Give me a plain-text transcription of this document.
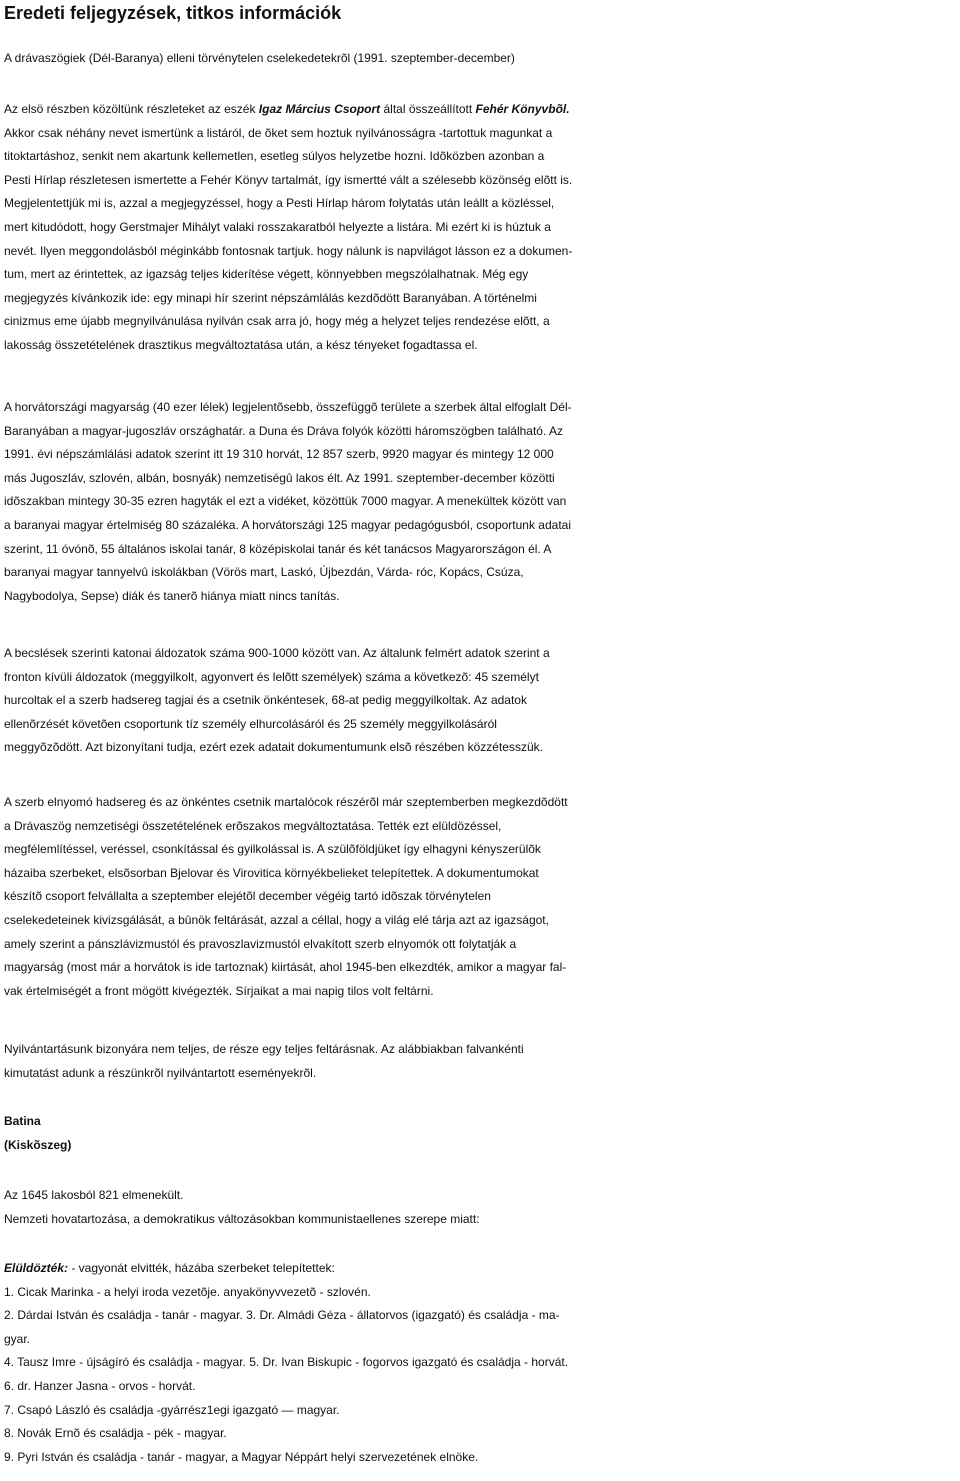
Eredeti feljegyzések, titkos információk

A drávaszögiek (Dél-Baranya) elleni törvénytelen cselekedetekrõl (1991. szeptember-december)

Az elsö részben közöltünk részleteket az eszék Igaz Március Csoport által összeállított Fehér Könyvbõl.
Akkor csak néhány nevet ismertünk a listáról, de õket sem hoztuk nyilvánosságra -tartottuk magunkat a
titoktartáshoz, senkit nem akartunk kellemetlen, esetleg súlyos helyzetbe hozni. Idõközben azonban a
Pesti Hírlap részletesen ismertette a Fehér Könyv tartalmát, így ismertté vált a szélesebb közönség elõtt is.
Megjelentettjük mi is, azzal a megjegyzéssel, hogy a Pesti Hírlap három folytatás után leállt a közléssel,
mert kitudódott, hogy Gerstmajer Mihályt valaki rosszakaratból helyezte a listára. Mi ezért ki is húztuk a
nevét. Ilyen meggondolásból méginkább fontosnak tartjuk. hogy nálunk is napvilágot lásson ez a dokumen-
tum, mert az érintettek, az igazság teljes kiderítése végett, könnyebben megszólalhatnak. Még egy
megjegyzés kívánkozik ide: egy minapi hír szerint népszámlálás kezdõdött Baranyában. A történelmi
cinizmus eme újabb megnyilvánulása nyilván csak arra jó, hogy még a helyzet teljes rendezése elõtt, a
lakosság összetételének drasztikus megváltoztatása után, a kész tényeket fogadtassa el.

A horvátországi magyarság (40 ezer lélek) legjelentõsebb, összefüggõ területe a szerbek által elfoglalt Dél-
Baranyában a magyar-jugoszláv országhatár. a Duna és Dráva folyók közötti háromszögben található. Az
1991. évi népszámlálási adatok szerint itt 19 310 horvát, 12 857 szerb, 9920 magyar és mintegy 12 000
más Jugoszláv, szlovén, albán, bosnyák) nemzetiségû lakos élt. Az 1991. szeptember-december közötti
idõszakban mintegy 30-35 ezren hagyták el ezt a vidéket, közöttük 7000 magyar. A menekültek között van
a baranyai magyar értelmiség 80 százaléka. A horvátországi 125 magyar pedagógusból, csoportunk adatai
szerint, 11 óvónõ, 55 általános iskolai tanár, 8 középiskolai tanár és két tanácsos Magyarországon él. A
baranyai magyar tannyelvû iskolákban (Vörös mart, Laskó, Újbezdán, Várda- róc, Kopács, Csúza,
Nagybodolya, Sepse) diák és tanerõ hiánya miatt nincs tanítás.

A becslések szerinti katonai áldozatok száma 900-1000 között van. Az általunk felmért adatok szerint a
fronton kívüli áldozatok (meggyilkolt, agyonvert és lelõtt személyek) száma a következõ: 45 személyt
hurcoltak el a szerb hadsereg tagjai és a csetnik önkéntesek, 68-at pedig meggyilkoltak. Az adatok
ellenõrzését követõen csoportunk tíz személy elhurcolásáról és 25 személy meggyilkolásáról
meggyõzõdött. Azt bizonyítani tudja, ezért ezek adatait dokumentumunk elsõ részében közzétesszük.

A szerb elnyomó hadsereg és az önkéntes csetnik martalócok részérõl már szeptemberben megkezdõdött
a Drávaszög nemzetiségi összetételének erõszakos megváltoztatása. Tették ezt elüldözéssel,
megfélemlítéssel, veréssel, csonkítással és gyilkolással is. A szülõföldjüket így elhagyni kényszerülõk
házaiba szerbeket, elsõsorban Bjelovar és Virovitica környékbelieket telepítettek. A dokumentumokat
készítõ csoport felvállalta a szeptember elejétõl december végéig tartó idõszak törvénytelen
cselekedeteinek kivizsgálását, a bûnök feltárását, azzal a céllal, hogy a világ elé tárja azt az igazságot,
amely szerint a pánszlávizmustól és pravoszlavizmustól elvakított szerb elnyomók ott folytatják a
magyarság (most már a horvátok is ide tartoznak) kiirtását, ahol 1945-ben elkezdték, amikor a magyar fal-
vak értelmiségét a front mögött kivégezték. Sírjaikat a mai napig tilos volt feltárni.

Nyilvántartásunk bizonyára nem teljes, de része egy teljes feltárásnak. Az alábbiakban falvankénti
kimutatást adunk a részünkrõl nyilvántartott eseményekrõl.

Batina
(Kiskõszeg)

Az 1645 lakosból 821 elmenekült.
Nemzeti hovatartozása, a demokratikus változásokban kommunistaellenes szerepe miatt:

Elüldözték: - vagyonát elvitték, házába szerbeket telepítettek:
1. Cicak Marinka - a helyi iroda vezetõje. anyakönyvvezetõ - szlovén.
2. Dárdai István és családja - tanár - magyar. 3. Dr. Almádi Géza - állatorvos (igazgató) és családja - ma-
gyar.
4. Tausz Imre - újságíró és családja - magyar. 5. Dr. Ivan Biskupic - fogorvos igazgató és családja - horvát.
6. dr. Hanzer Jasna - orvos - horvát.
7. Csapó László és családja -gyárrész1egi igazgató — magyar.
8. Novák Ernõ és családja - pék - magyar.
9. Pyri István és családja - tanár - magyar, a Magyar Néppárt helyi szervezetének elnöke.
